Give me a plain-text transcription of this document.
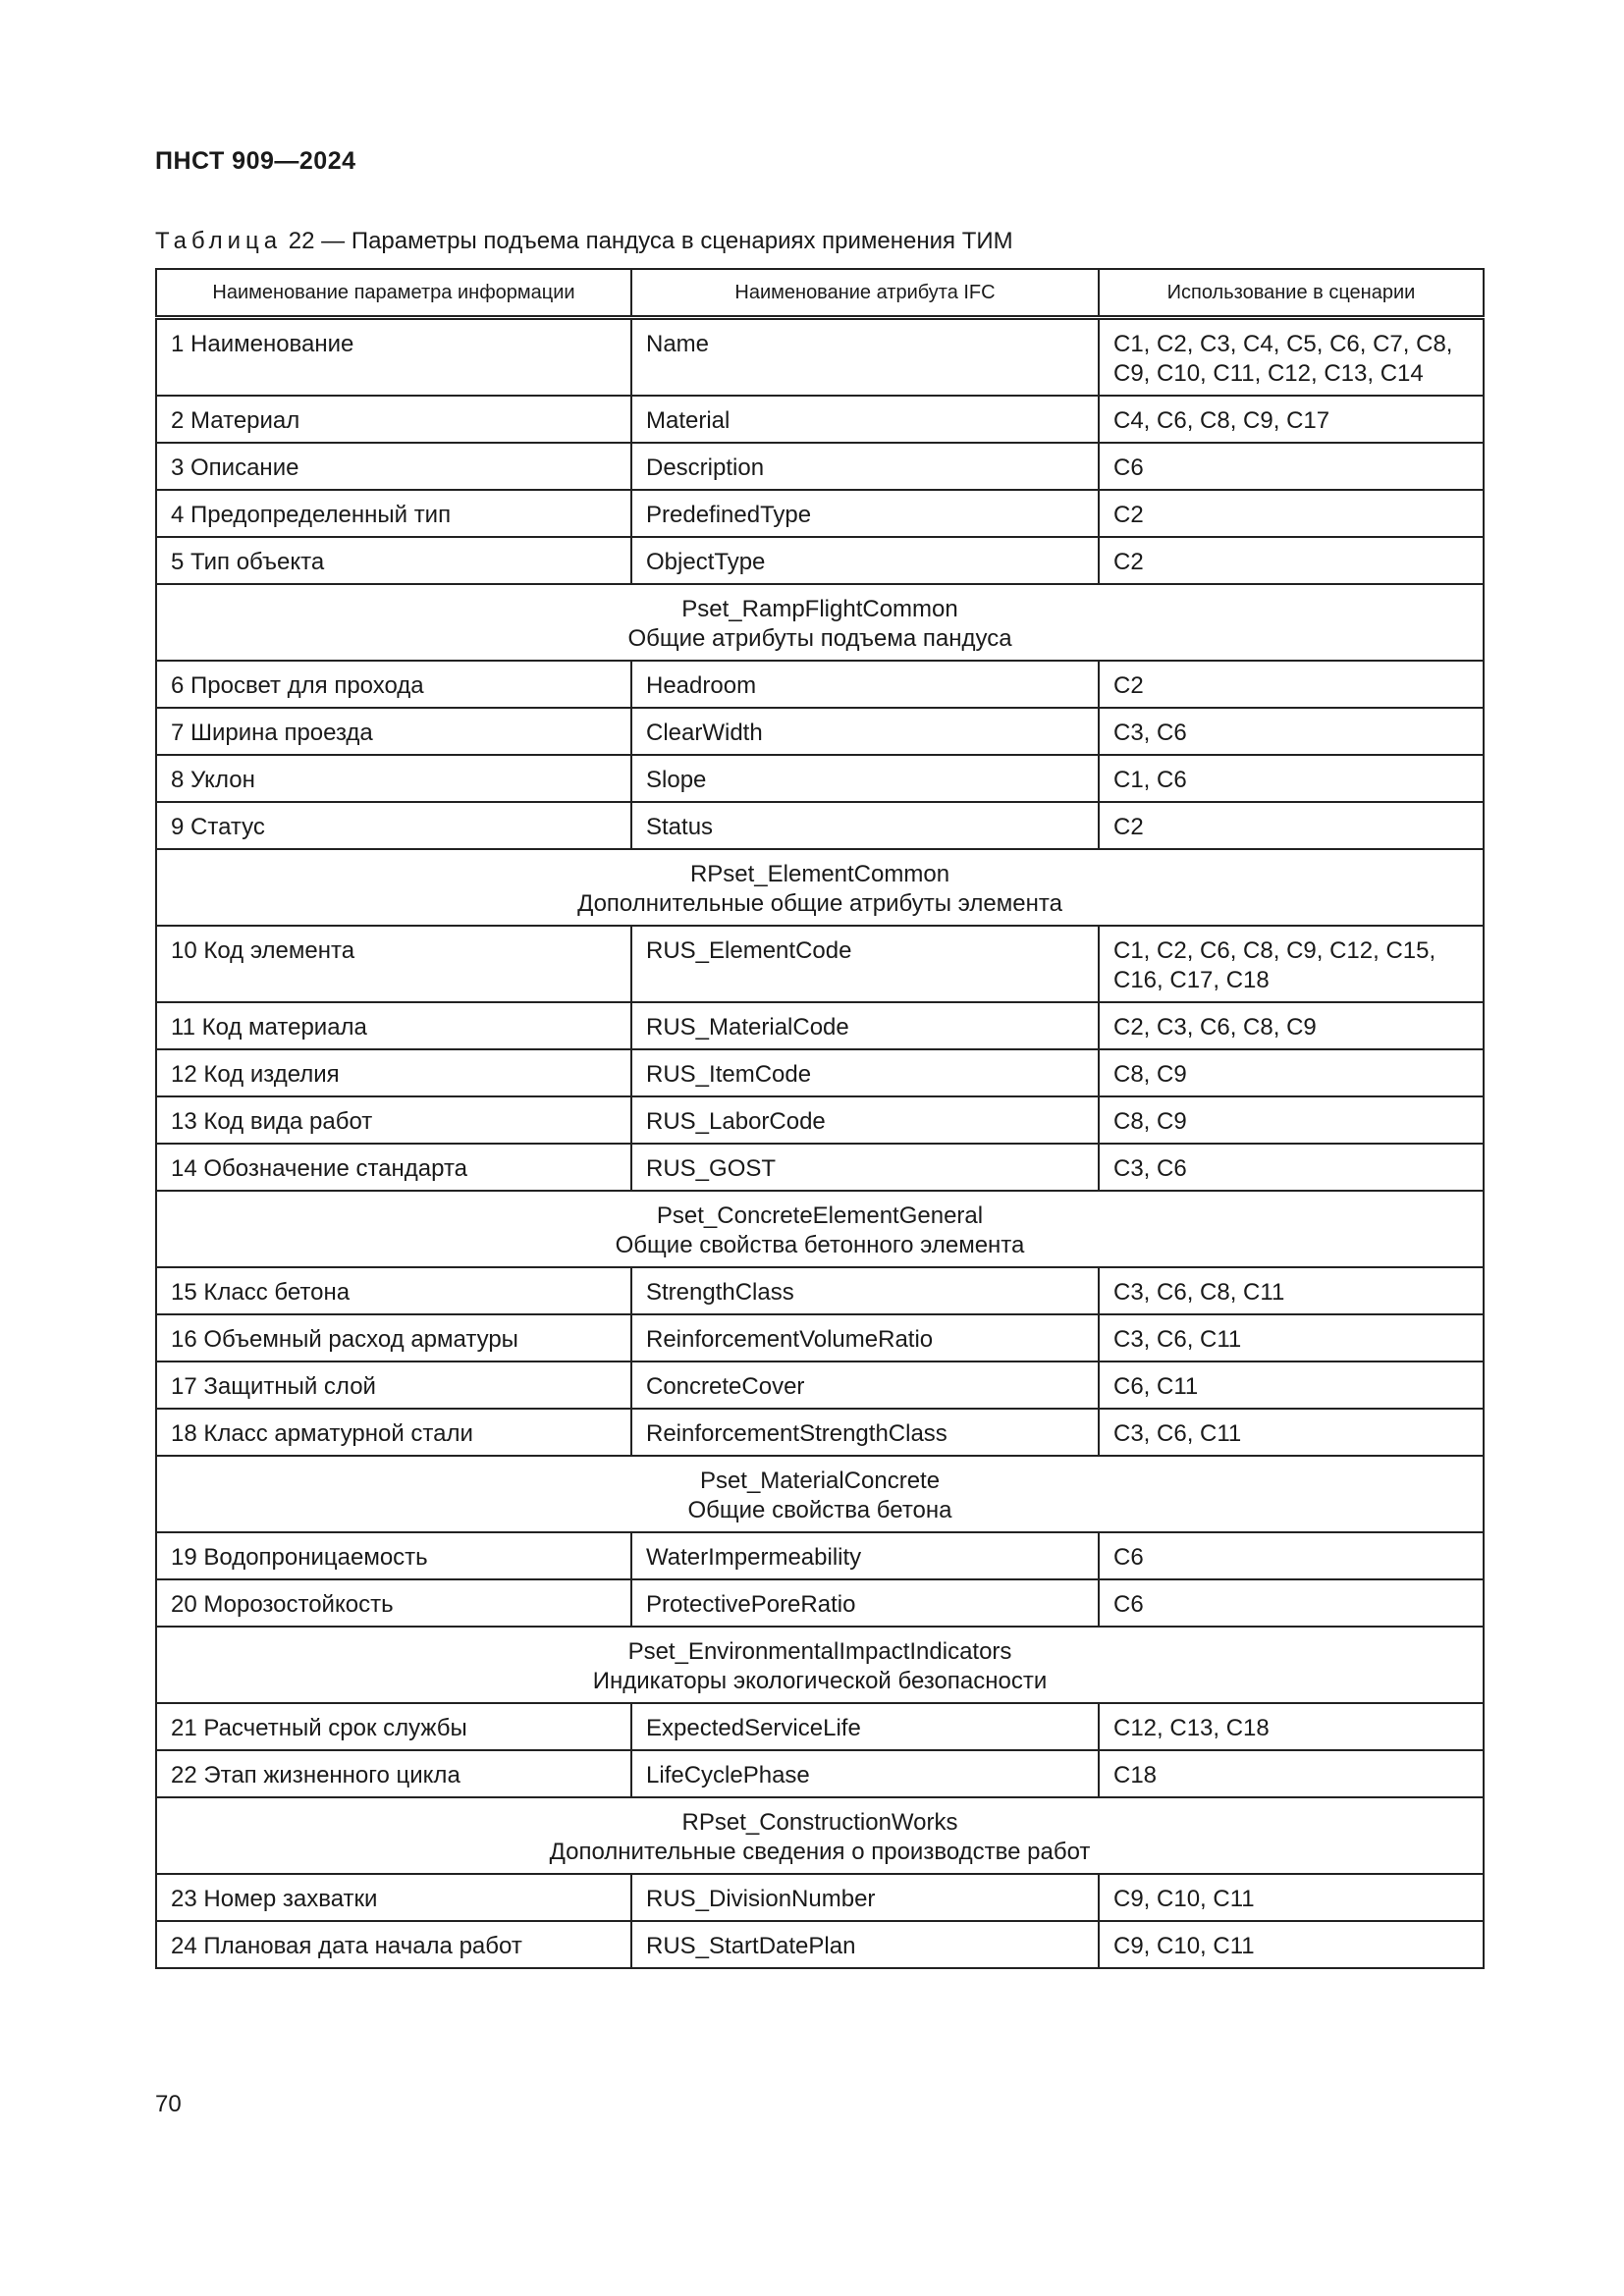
ПНСТ 909—2024
Таблица 22 — Параметры подъема пандуса в сценариях применения ТИМ
Наименование параметра информации	Наименование атрибута IFC	Использование в сценарии
1 Наименование	Name	С1, С2, С3, С4, С5, С6, С7, С8, С9, С10, С11, С12, С13, С14
2 Материал	Material	С4, С6, С8, С9, С17
3 Описание	Description	С6
4 Предопределенный тип	PredefinedType	С2
5 Тип объекта	ObjectType	С2

Pset_RampFlightCommon
Общие атрибуты подъема пандуса		

6 Просвет для прохода	Headroom	С2
7 Ширина проезда	ClearWidth	С3, С6
8 Уклон	Slope	С1, С6
9 Статус	Status	С2

RPset_ElementCommon
Дополнительные общие атрибуты элемента		

10 Код элемента	RUS_ElementCode	С1, С2, С6, С8, С9, С12, С15, С16, С17, С18
11 Код материала	RUS_MaterialCode	С2, С3, С6, С8, С9
12 Код изделия	RUS_ItemCode	С8, С9
13 Код вида работ	RUS_LaborCode	С8, С9
14 Обозначение стандарта	RUS_GOST	С3, С6

Pset_ConcreteElementGeneral
Общие свойства бетонного элемента		

15 Класс бетона	StrengthClass	С3, С6, С8, С11
16 Объемный расход арматуры	ReinforcementVolumeRatio	С3, С6, С11
17 Защитный слой	ConcreteCover	С6, С11
18 Класс арматурной стали	ReinforcementStrengthClass	С3, С6, С11

Pset_MaterialConcrete
Общие свойства бетона		

19 Водопроницаемость	WaterImpermeability	С6
20 Морозостойкость	ProtectivePoreRatio	С6

Pset_EnvironmentalImpactIndicators
Индикаторы экологической безопасности		

21 Расчетный срок службы	ExpectedServiceLife	С12, С13, С18
22 Этап жизненного цикла	LifeCyclePhase	С18

RPset_ConstructionWorks
Дополнительные сведения о производстве работ		

23 Номер захватки	RUS_DivisionNumber	С9, С10, С11
24 Плановая дата начала работ	RUS_StartDatePlan	С9, С10, С11
70
